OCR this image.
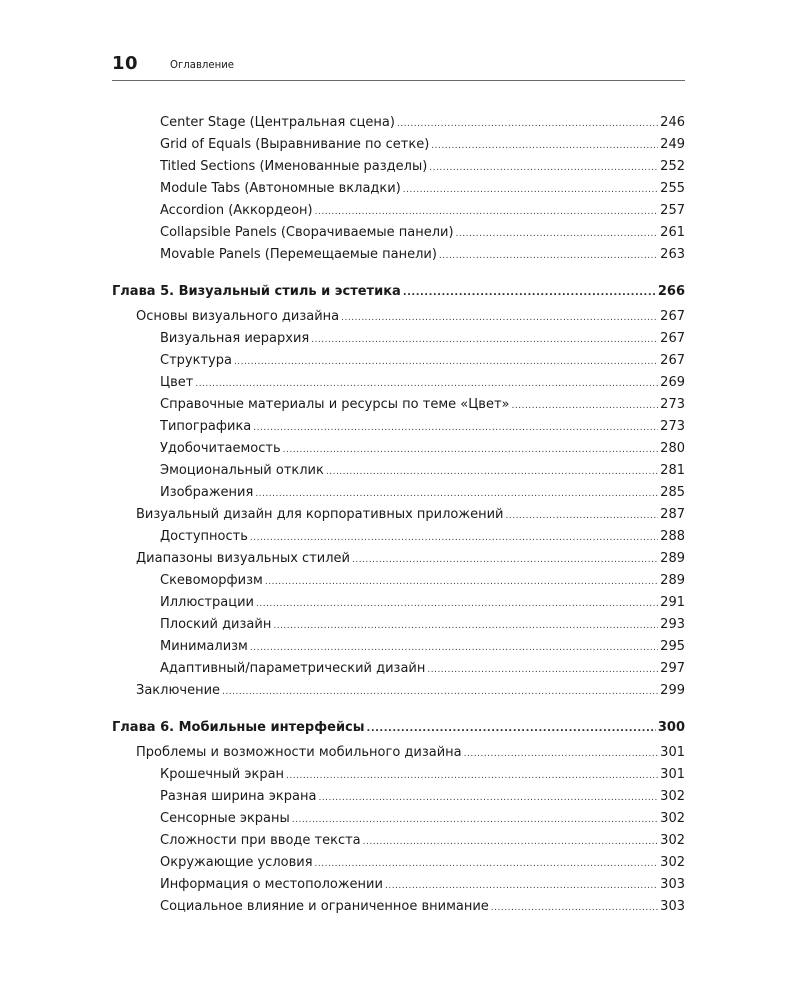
10	Оглавление
Center Stage (Центральная сцена) .....	246
Grid of Equals (Выравнивание по сетке) .....	249
Titled Sections (Именованные разделы) .....	252
Module Tabs (Автономные вкладки) .....	255
Accordion (Аккордеон) .....	257
Collapsible Panels (Сворачиваемые панели) .....	261
Movable Panels (Перемещаемые панели) .....	263
Глава 5. Визуальный стиль и эстетика .....	266
Основы визуального дизайна .....	267
Визуальная иерархия .....	267
Структура .....	267
Цвет .....	269
Справочные материалы и ресурсы по теме «Цвет» .....	273
Типографика .....	273
Удобочитаемость .....	280
Эмоциональный отклик .....	281
Изображения .....	285
Визуальный дизайн для корпоративных приложений .....	287
Доступность .....	288
Диапазоны визуальных стилей .....	289
Скевоморфизм .....	289
Иллюстрации .....	291
Плоский дизайн .....	293
Минимализм .....	295
Адаптивный/параметрический дизайн .....	297
Заключение .....	299
Глава 6. Мобильные интерфейсы .....	300
Проблемы и возможности мобильного дизайна .....	301
Крошечный экран .....	301
Разная ширина экрана .....	302
Сенсорные экраны .....	302
Сложности при вводе текста .....	302
Окружающие условия .....	302
Информация о местоположении .....	303
Социальное влияние и ограниченное внимание .....	303
